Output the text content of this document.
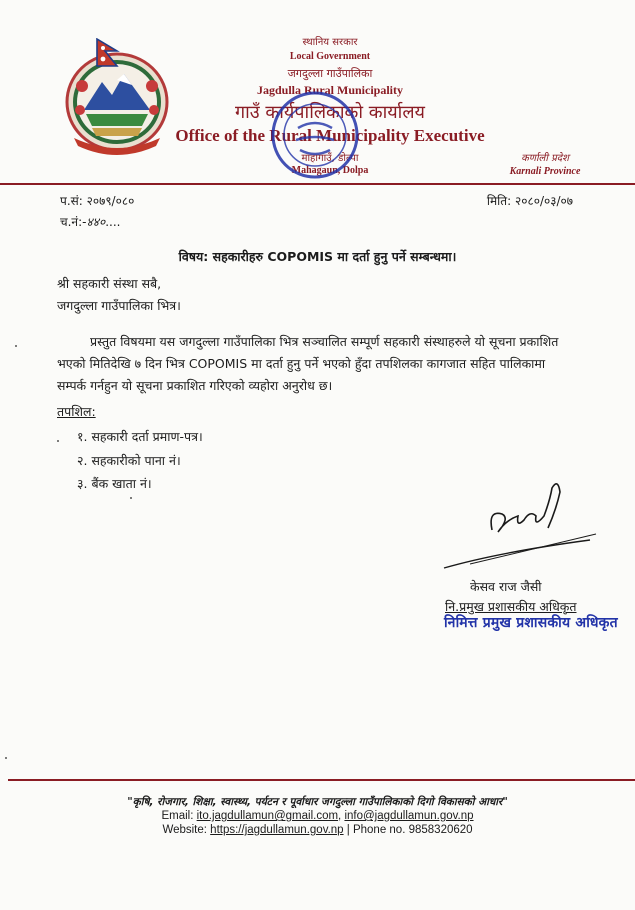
स्थानिय सरकार
Local Government
जगदुल्ला गाउँपालिका
Jagdulla Rural Municipality
गाउँ कार्यपालिकाको कार्यालय
Office of the Rural Municipality Executive
माहागाउँ, डोल्पा
Mahagaun, Dolpa
कर्णाली प्रदेश
Karnali Province
प.सं: २०७९/०८०	मिति: २०८०/०३/०७
च.नं:-४४०....
विषय: सहकारीहरु COPOMIS मा दर्ता हुनु पर्ने सम्बन्धमा।
श्री सहकारी संस्था सबै,
जगदुल्ला गाउँपालिका भित्र।
प्रस्तुत विषयमा यस जगदुल्ला गाउँपालिका भित्र सञ्चालित सम्पूर्ण सहकारी संस्थाहरुले यो सूचना प्रकाशित
भएको मितिदेखि ७ दिन भित्र COPOMIS मा दर्ता हुनु पर्ने भएको हुँदा तपशिलका कागजात सहित पालिकामा
सम्पर्क गर्नहुन यो सूचना प्रकाशित गरिएको व्यहोरा अनुरोध छ।
तपशिल:
१. सहकारी दर्ता प्रमाण-पत्र।
२. सहकारीको पाना नं।
३. बैंक खाता नं।
केसव राज जैसी
नि.प्रमुख प्रशासकीय अधिकृत
निमित्त प्रमुख प्रशासकीय अधिकृत
"कृषि, रोजगार, शिक्षा, स्वास्थ्य, पर्यटन र पूर्वाधार जगदुल्ला गाउँपालिकाको दिगो विकासको आधार"
Email: ito.jagdullamun@gmail.com, info@jagdullamun.gov.np
Website: https://jagdullamun.gov.np | Phone no. 9858320620
